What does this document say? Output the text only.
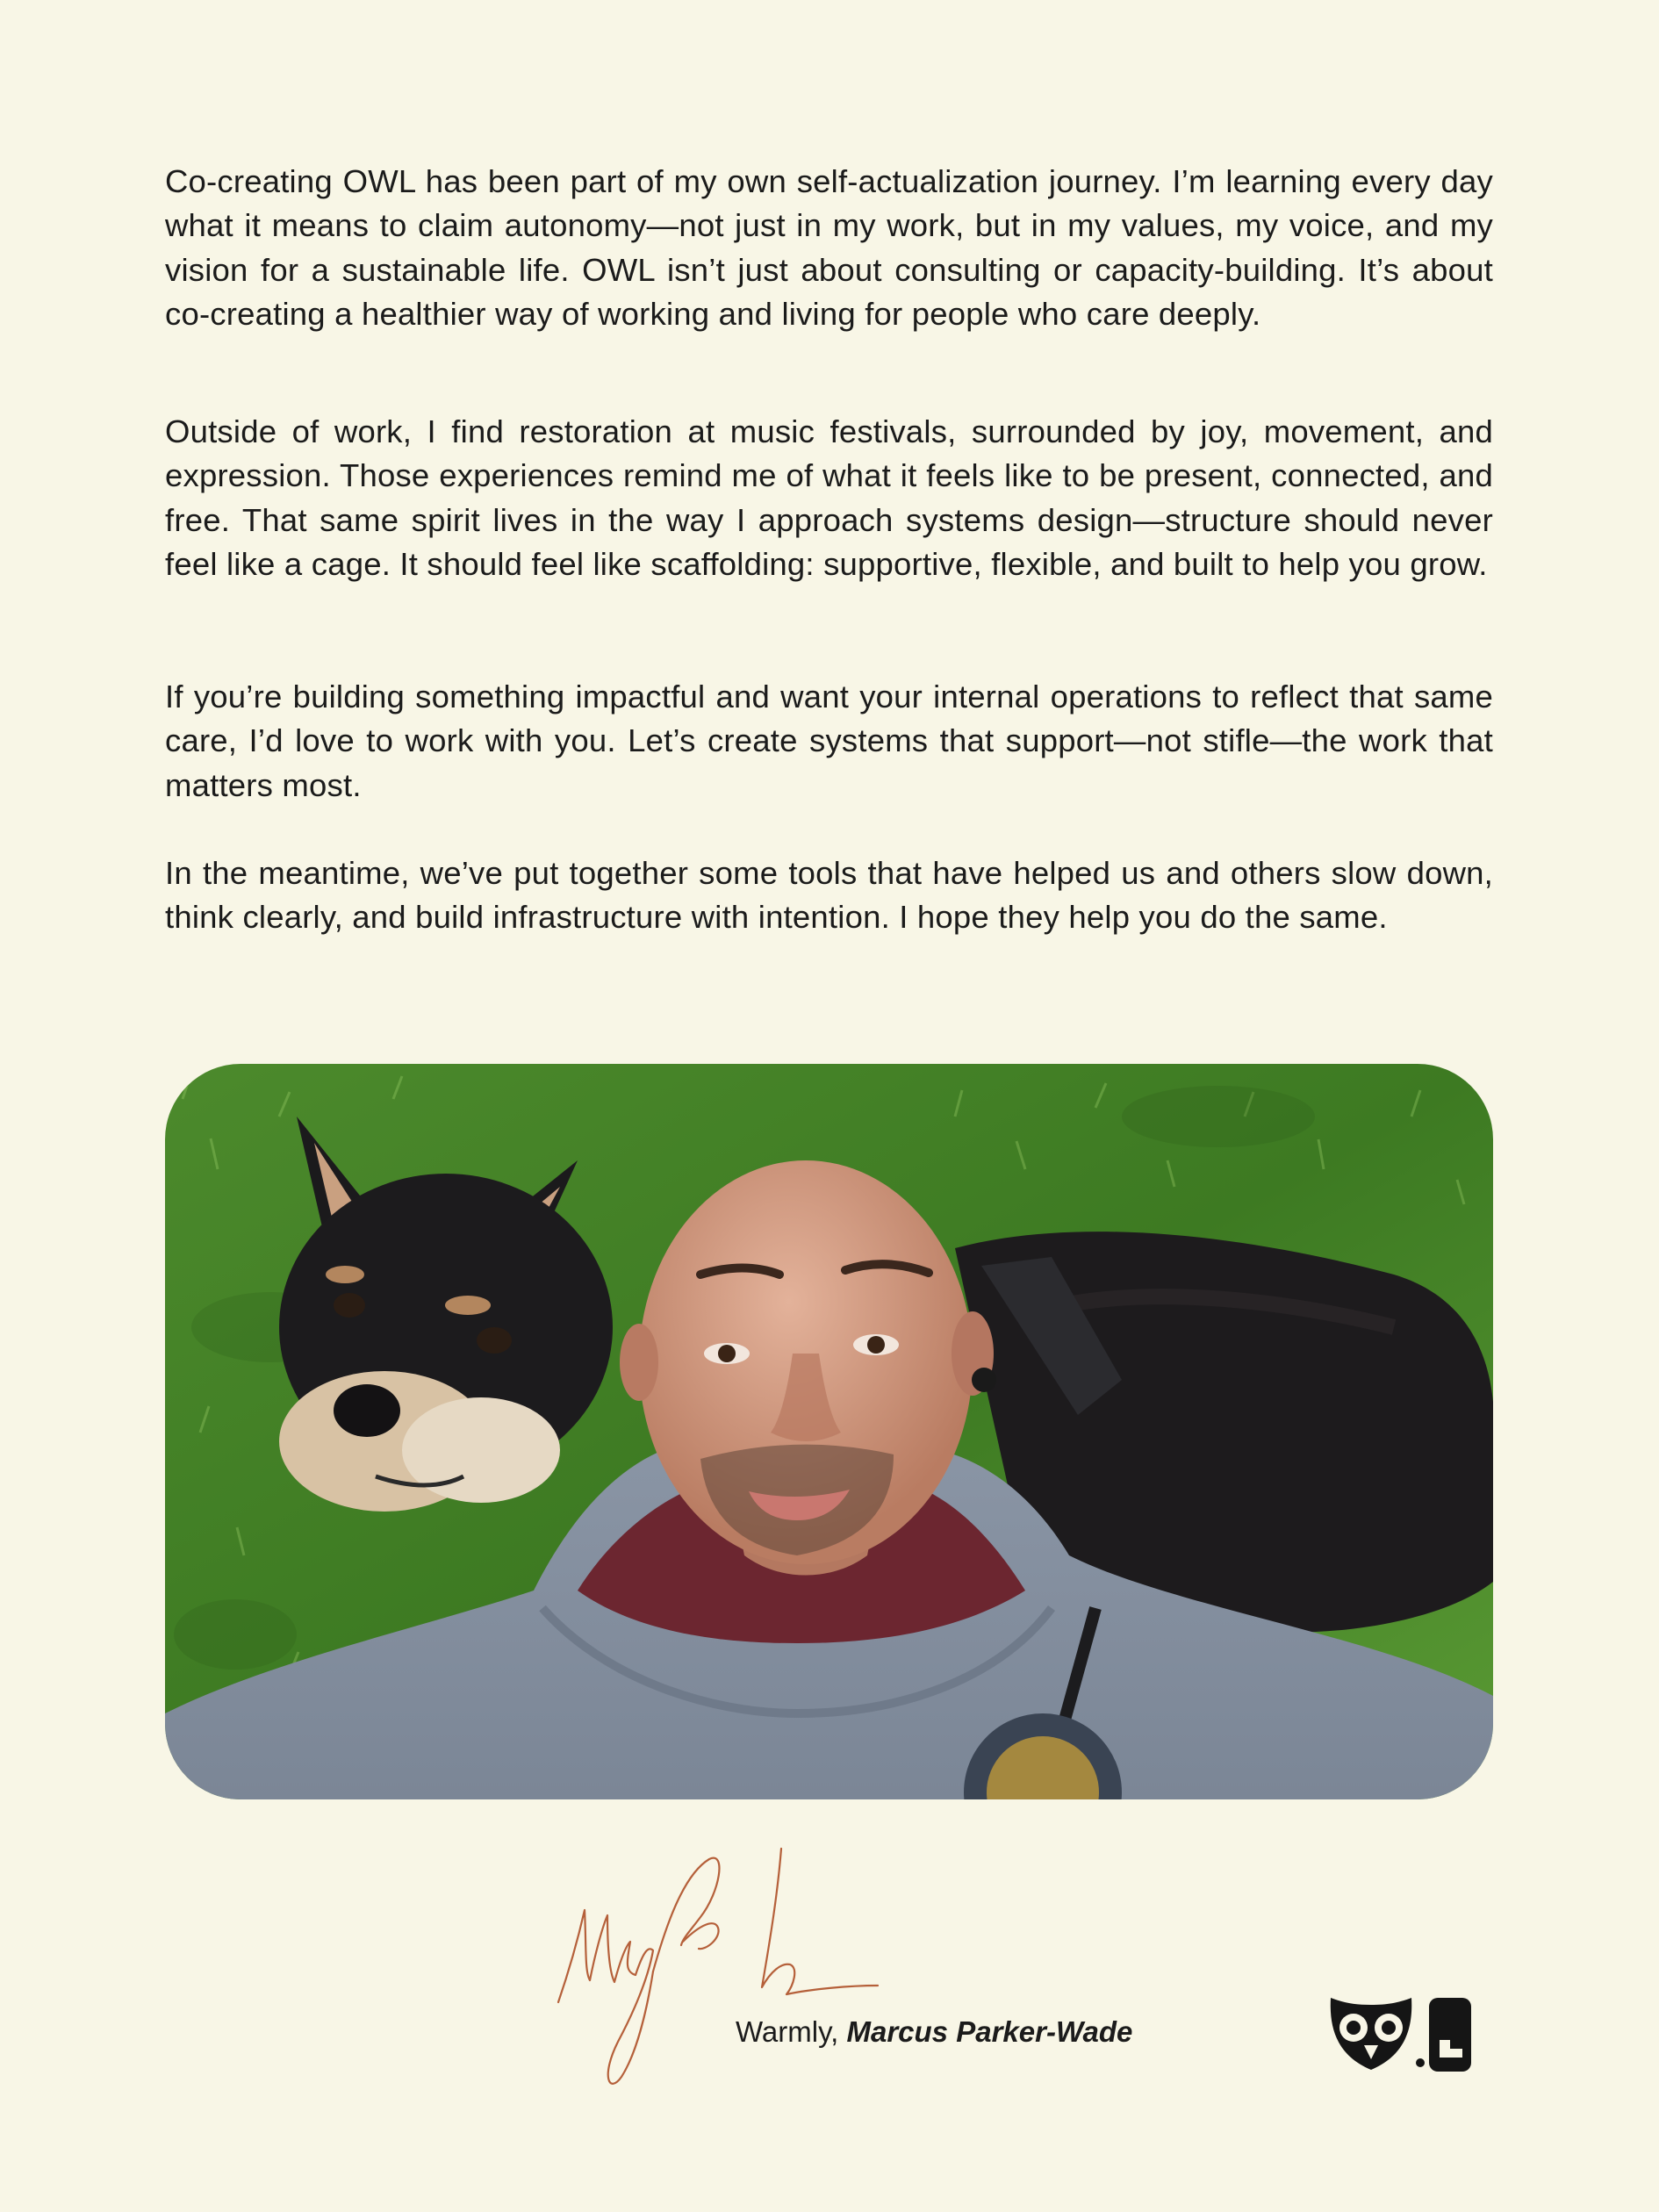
Co-creating OWL has been part of my own self-actualization journey. I’m learning every day what it means to claim autonomy—not just in my work, but in my values, my voice, and my vision for a sustainable life. OWL isn’t just about consulting or capacity-building. It’s about co-creating a healthier way of working and living for people who care deeply.

Outside of work, I find restoration at music festivals, surrounded by joy, movement, and expression. Those experiences remind me of what it feels like to be present, connected, and free. That same spirit lives in the way I approach systems design—structure should never feel like a cage. It should feel like scaffolding: supportive, flexible, and built to help you grow.

If you’re building something impactful and want your internal operations to reflect that same care, I’d love to work with you. Let’s create systems that support—not stifle—the work that matters most.

In the meantime, we’ve put together some tools that have helped us and others slow down, think clearly, and build infrastructure with intention. I hope they help you do the same.

Warmly, Marcus Parker-Wade
